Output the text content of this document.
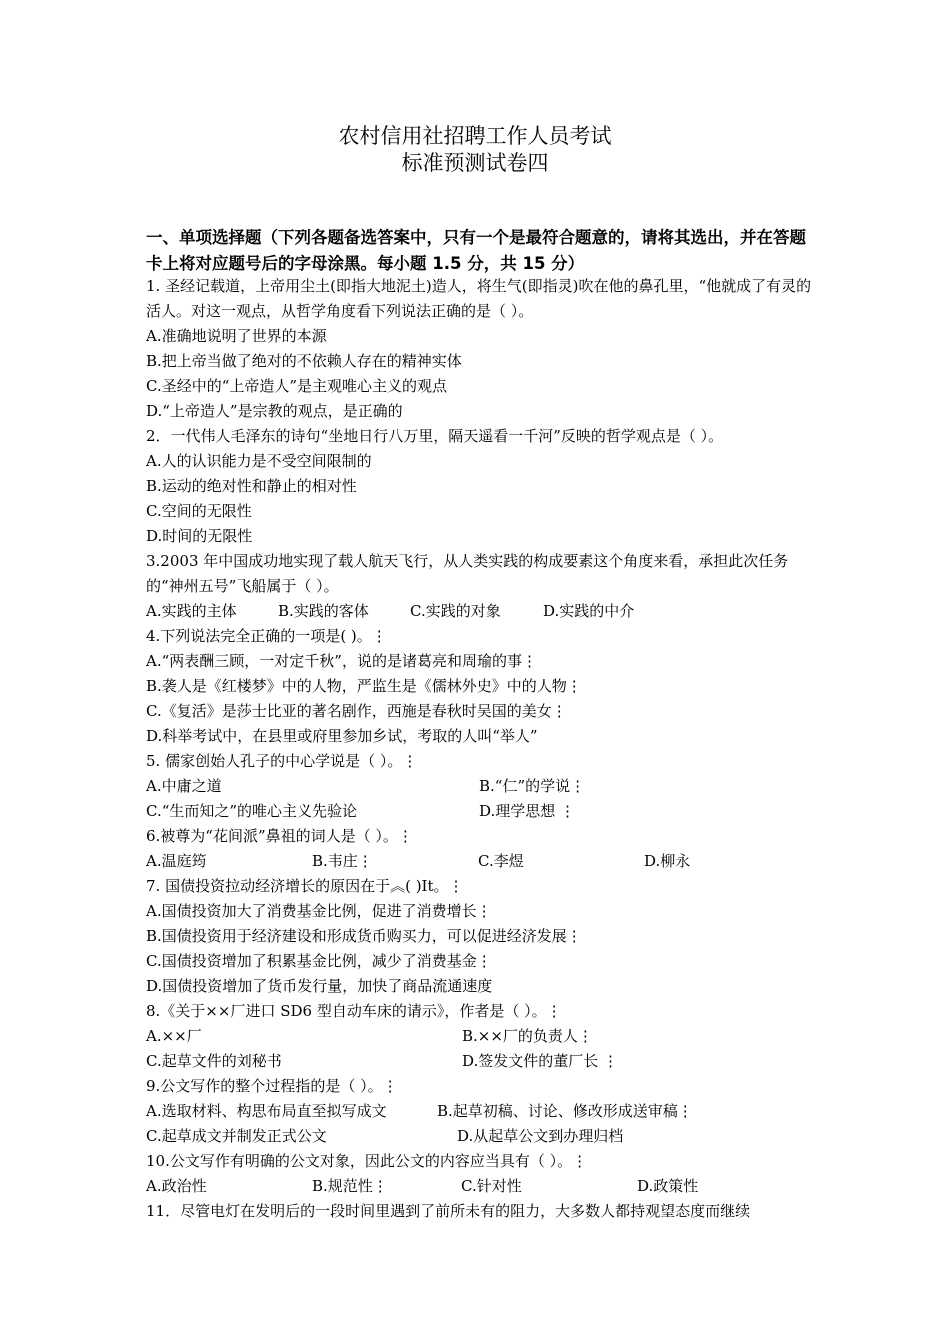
农村信用社招聘工作人员考试
标准预测试卷四
一、单项选择题（下列各题备选答案中，只有一个是最符合题意的，请将其选出，并在答题卡上将对应题号后的字母涂黑。每小题 1.5 分，共 15 分）
1. 圣经记载道，上帝用尘土(即指大地泥土)造人，将生气(即指灵)吹在他的鼻孔里，“他就成了有灵的活人。对这一观点，从哲学角度看下列说法正确的是（ ）。
A.准确地说明了世界的本源
B.把上帝当做了绝对的不依赖人存在的精神实体
C.圣经中的“上帝造人”是主观唯心主义的观点
D.“上帝造人”是宗教的观点，是正确的
2．一代伟人毛泽东的诗句“坐地日行八万里，隔天遥看一千河”反映的哲学观点是（ ）。
A.人的认识能力是不受空间限制的
B.运动的绝对性和静止的相对性
C.空间的无限性
D.时间的无限性
3.2003 年中国成功地实现了载人航天飞行，从人类实践的构成要素这个角度来看，承担此次任务的“神州五号”飞船属于（ ）。
A.实践的主体	B.实践的客体	C.实践的对象	D.实践的中介
4.下列说法完全正确的一项是( )。⋮
A.“两表酬三顾，一对定千秋”，说的是诸葛亮和周瑜的事⋮
B.袭人是《红楼梦》中的人物，严监生是《儒林外史》中的人物⋮
C.《复活》是莎士比亚的著名剧作，西施是春秋时吴国的美女⋮
D.科举考试中，在县里或府里参加乡试，考取的人叫“举人”
5. 儒家创始人孔子的中心学说是（ ）。⋮
A.中庸之道	B.“仁”的学说⋮
C.“生而知之”的唯心主义先验论	D.理学思想 ⋮
6.被尊为“花间派”鼻祖的词人是（ ）。⋮
A.温庭筠	B.韦庄⋮	C.李煜	D.柳永
7. 国债投资拉动经济增长的原因在于︽( )Ⅰt。⋮
A.国债投资加大了消费基金比例，促进了消费增长⋮
B.国债投资用于经济建设和形成货币购买力，可以促进经济发展⋮
C.国债投资增加了积累基金比例，减少了消费基金⋮
D.国债投资增加了货币发行量，加快了商品流通速度
8.《关于××厂进口 SD6 型自动车床的请示》，作者是（ ）。⋮
A.××厂	B.××厂的负责人⋮
C.起草文件的刘秘书	D.签发文件的董厂长 ⋮
9.公文写作的整个过程指的是（ ）。⋮
A.选取材料、构思布局直至拟写成文	B.起草初稿、讨论、修改形成送审稿⋮
C.起草成文并制发正式公文	D.从起草公文到办理归档
10.公文写作有明确的公文对象，因此公文的内容应当具有（ ）。⋮
A.政治性	B.规范性⋮	C.针对性	D.政策性
11．尽管电灯在发明后的一段时间里遇到了前所未有的阻力，大多数人都持观望态度而继续
